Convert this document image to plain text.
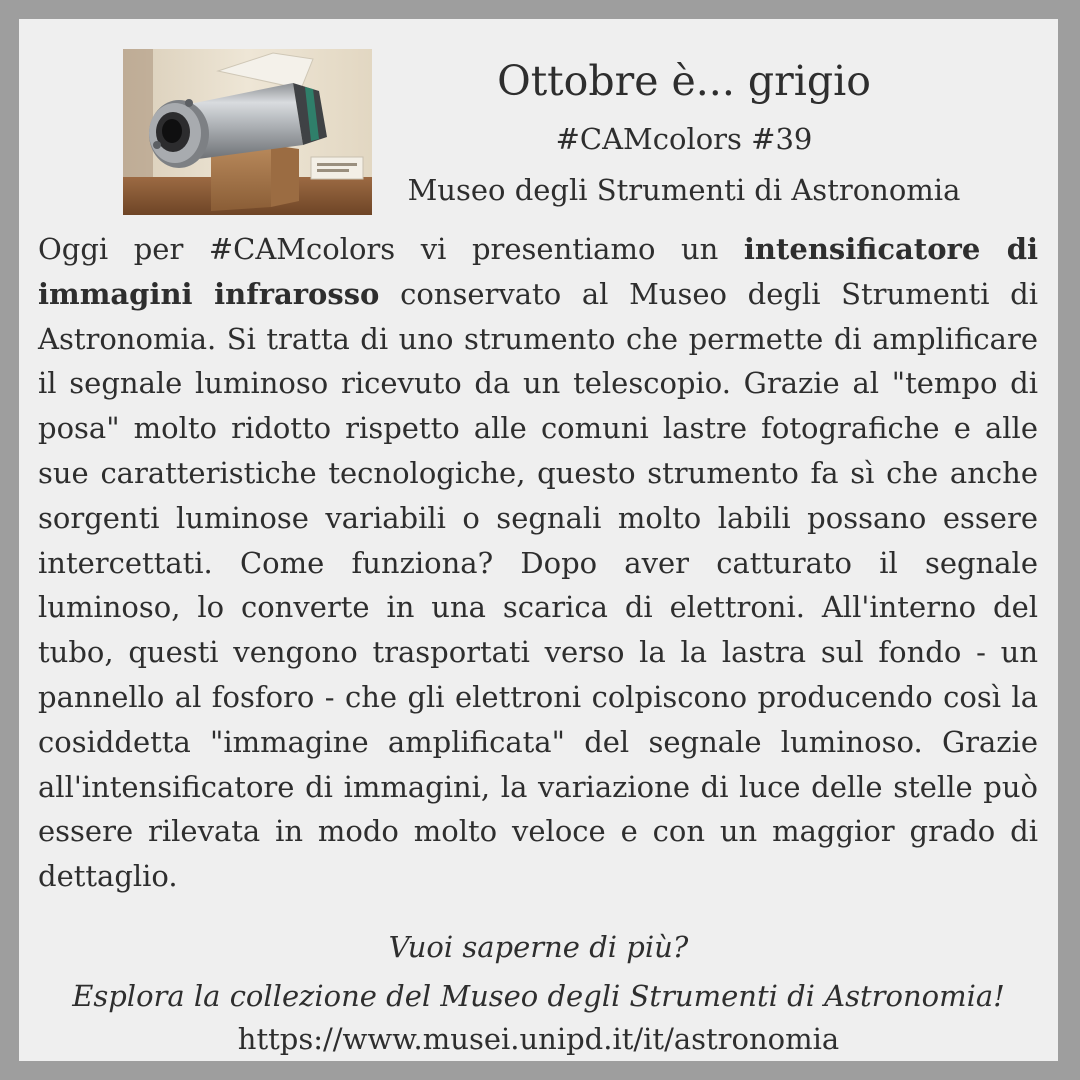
Ottobre è... grigio
#CAMcolors #39
Museo degli Strumenti di Astronomia

Oggi per #CAMcolors vi presentiamo un intensificatore di immagini infrarosso conservato al Museo degli Strumenti di Astronomia. Si tratta di uno strumento che permette di amplificare il segnale luminoso ricevuto da un telescopio. Grazie al "tempo di posa" molto ridotto rispetto alle comuni lastre fotografiche e alle sue caratteristiche tecnologiche, questo strumento fa sì che anche sorgenti luminose variabili o segnali molto labili possano essere intercettati. Come funziona? Dopo aver catturato il segnale luminoso, lo converte in una scarica di elettroni. All'interno del tubo, questi vengono trasportati verso la la lastra sul fondo - un pannello al fosforo - che gli elettroni colpiscono producendo così la cosiddetta "immagine amplificata" del segnale luminoso. Grazie all'intensificatore di immagini, la variazione di luce delle stelle può essere rilevata in modo molto veloce e con un maggior grado di dettaglio.

Vuoi saperne di più?
Esplora la collezione del Museo degli Strumenti di Astronomia!
https://www.musei.unipd.it/it/astronomia
